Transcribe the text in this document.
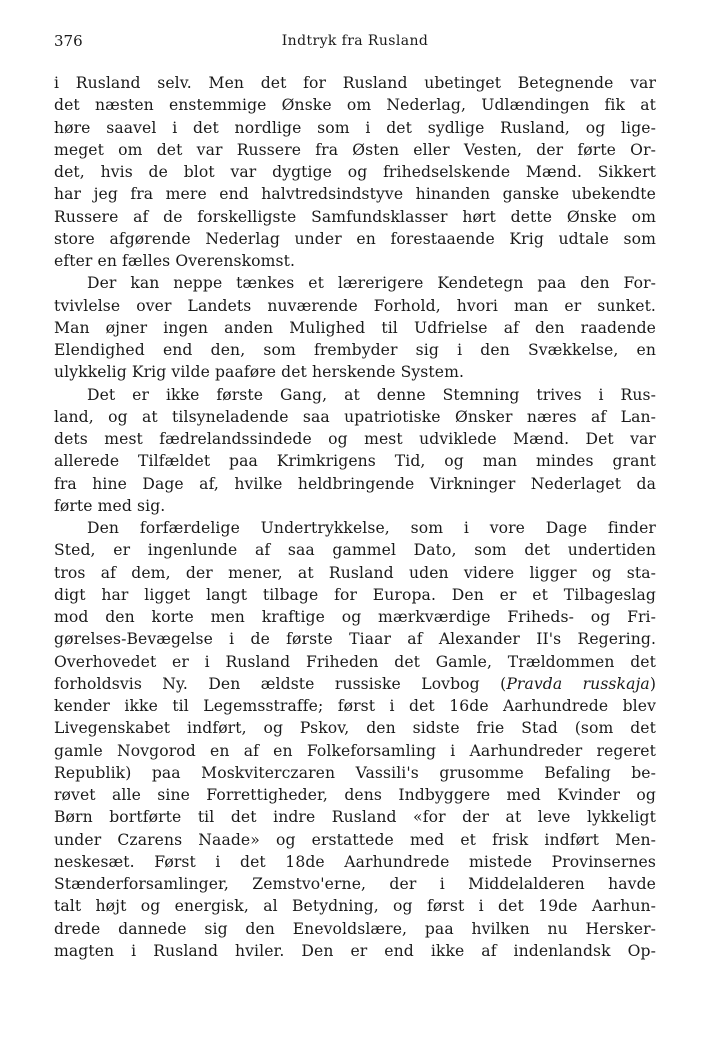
376	Indtryk fra Rusland
i Rusland selv. Men det for Rusland ubetinget Betegnende var
det næsten enstemmige Ønske om Nederlag, Udlændingen fik at
høre saavel i det nordlige som i det sydlige Rusland, og lige-
meget om det var Russere fra Østen eller Vesten, der førte Or-
det, hvis de blot var dygtige og frihedselskende Mænd. Sikkert
har jeg fra mere end halvtredsindstyve hinanden ganske ubekendte
Russere af de forskelligste Samfundsklasser hørt dette Ønske om
store afgørende Nederlag under en forestaaende Krig udtale som
efter en fælles Overenskomst.
Der kan neppe tænkes et lærerigere Kendetegn paa den For-
tvivlelse over Landets nuværende Forhold, hvori man er sunket.
Man øjner ingen anden Mulighed til Udfrielse af den raadende
Elendighed end den, som frembyder sig i den Svækkelse, en
ulykkelig Krig vilde paaføre det herskende System.
Det er ikke første Gang, at denne Stemning trives i Rus-
land, og at tilsyneladende saa upatriotiske Ønsker næres af Lan-
dets mest fædrelandssindede og mest udviklede Mænd. Det var
allerede Tilfældet paa Krimkrigens Tid, og man mindes grant
fra hine Dage af, hvilke heldbringende Virkninger Nederlaget da
førte med sig.
Den forfærdelige Undertrykkelse, som i vore Dage finder
Sted, er ingenlunde af saa gammel Dato, som det undertiden
tros af dem, der mener, at Rusland uden videre ligger og sta-
digt har ligget langt tilbage for Europa. Den er et Tilbageslag
mod den korte men kraftige og mærkværdige Friheds- og Fri-
gørelses-Bevægelse i de første Tiaar af Alexander II's Regering.
Overhovedet er i Rusland Friheden det Gamle, Trældommen det
forholdsvis Ny. Den ældste russiske Lovbog (Pravda russkaja)
kender ikke til Legemsstraffe; først i det 16de Aarhundrede blev
Livegenskabet indført, og Pskov, den sidste frie Stad (som det
gamle Novgorod en af en Folkeforsamling i Aarhundreder regeret
Republik) paa Moskviterczaren Vassili's grusomme Befaling be-
røvet alle sine Forrettigheder, dens Indbyggere med Kvinder og
Børn bortførte til det indre Rusland «for der at leve lykkeligt
under Czarens Naade» og erstattede med et frisk indført Men-
neskesæt. Først i det 18de Aarhundrede mistede Provinsernes
Stænderforsamlinger, Zemstvo'erne, der i Middelalderen havde
talt højt og energisk, al Betydning, og først i det 19de Aarhun-
drede dannede sig den Enevoldslære, paa hvilken nu Hersker-
magten i Rusland hviler. Den er end ikke af indenlandsk Op-
